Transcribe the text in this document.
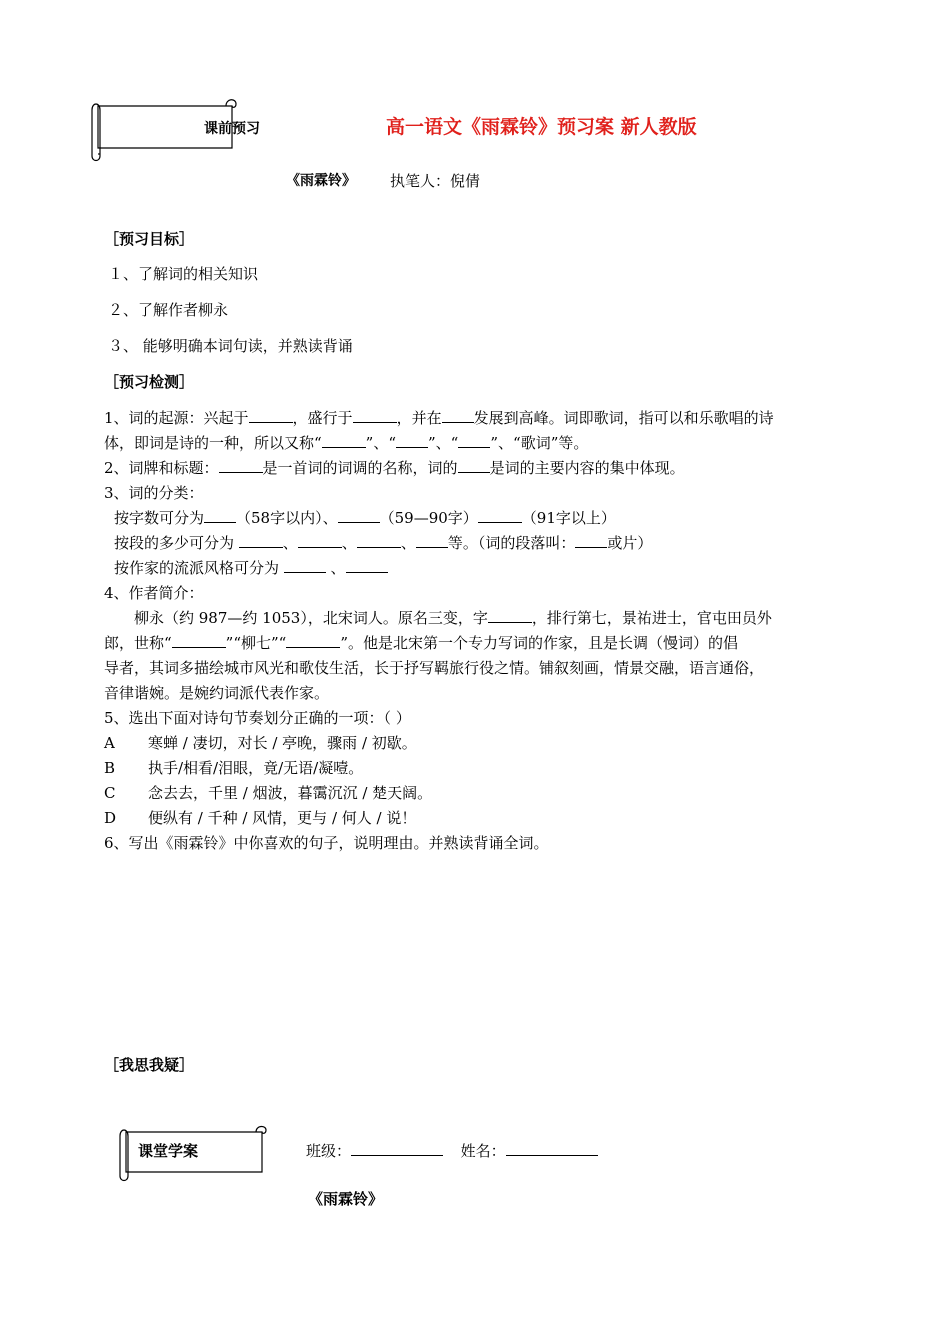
课前预习	高一语文《雨霖铃》预习案 新人教版
《雨霖铃》 执笔人：倪倩
［预习目标］
１、了解词的相关知识
２、了解作者柳永
３、 能够明确本词句读，并熟读背诵
［预习检测］
1、词的起源：兴起于	，盛行于	，并在 发展到高峰。词即歌词，指可以和乐歌唱的诗
体，即词是诗的一种，所以又称“	”、“ ”、“ ”、“歌词”等。
2、词牌和标题：	是一首词的词调的名称，词的 是词的主要内容的集中体现。
3、词的分类：
按字数可分为 （58字以内）、	（59—90字）	（91字以上）
按段的多少可分为	、	、	、 等。（词的段落叫： 或片）
按作家的流派风格可分为	、
4、作者简介：
柳永（约 987—约 1053），北宋词人。原名三变，字	，排行第七，景祐进士，官屯田员外
郎，世称“	”“柳七”“	”。他是北宋第一个专力写词的作家，且是长调（慢词）的倡
导者，其词多描绘城市风光和歌伎生活，长于抒写羁旅行役之情。铺叙刻画，情景交融，语言通俗，
音律谐婉。是婉约词派代表作家。
5、选出下面对诗句节奏划分正确的一项：（ ）
A 寒蝉 / 凄切，对长 / 亭晚，骤雨 / 初歇。
B 执手/相看/泪眼，竟/无语/凝噎。
C 念去去，千里 / 烟波，暮霭沉沉 / 楚天阔。
D 便纵有 / 千种 / 风情，更与 / 何人 / 说！
6、写出《雨霖铃》中你喜欢的句子，说明理由。并熟读背诵全词。
［我思我疑］
课堂学案	班级：	姓名：
《雨霖铃》
